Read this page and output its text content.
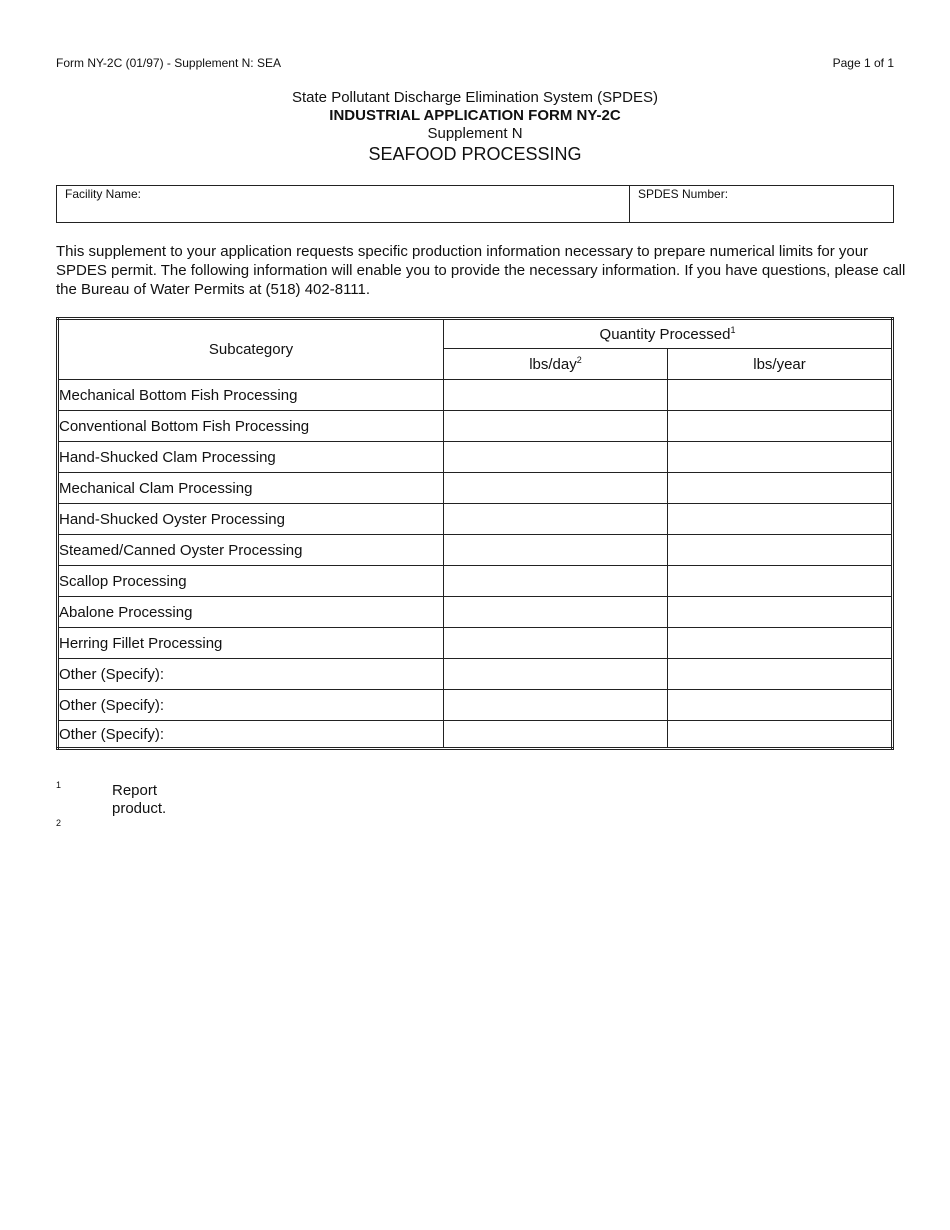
Form NY-2C (01/97) - Supplement N: SEA	Page 1 of 1
State Pollutant Discharge Elimination System (SPDES)
INDUSTRIAL APPLICATION FORM NY-2C
Supplement N
SEAFOOD PROCESSING
Facility Name:	SPDES Number:
This supplement to your application requests specific production information necessary to prepare numerical limits for your SPDES permit. The following information will enable you to provide the necessary information. If you have questions, please call the Bureau of Water Permits at (518) 402-8111.
Subcategory	Quantity Processed$^1$
	lbs/day$^2$	lbs/year
Mechanical Bottom Fish Processing		
Conventional Bottom Fish Processing		
Hand-Shucked Clam Processing		
Mechanical Clam Processing		
Hand-Shucked Oyster Processing		
Steamed/Canned Oyster Processing		
Scallop Processing		
Abalone Processing		
Herring Fillet Processing		
Other (Specify):		
Other (Specify):		
Other (Specify):		
1
2
Report
product.
